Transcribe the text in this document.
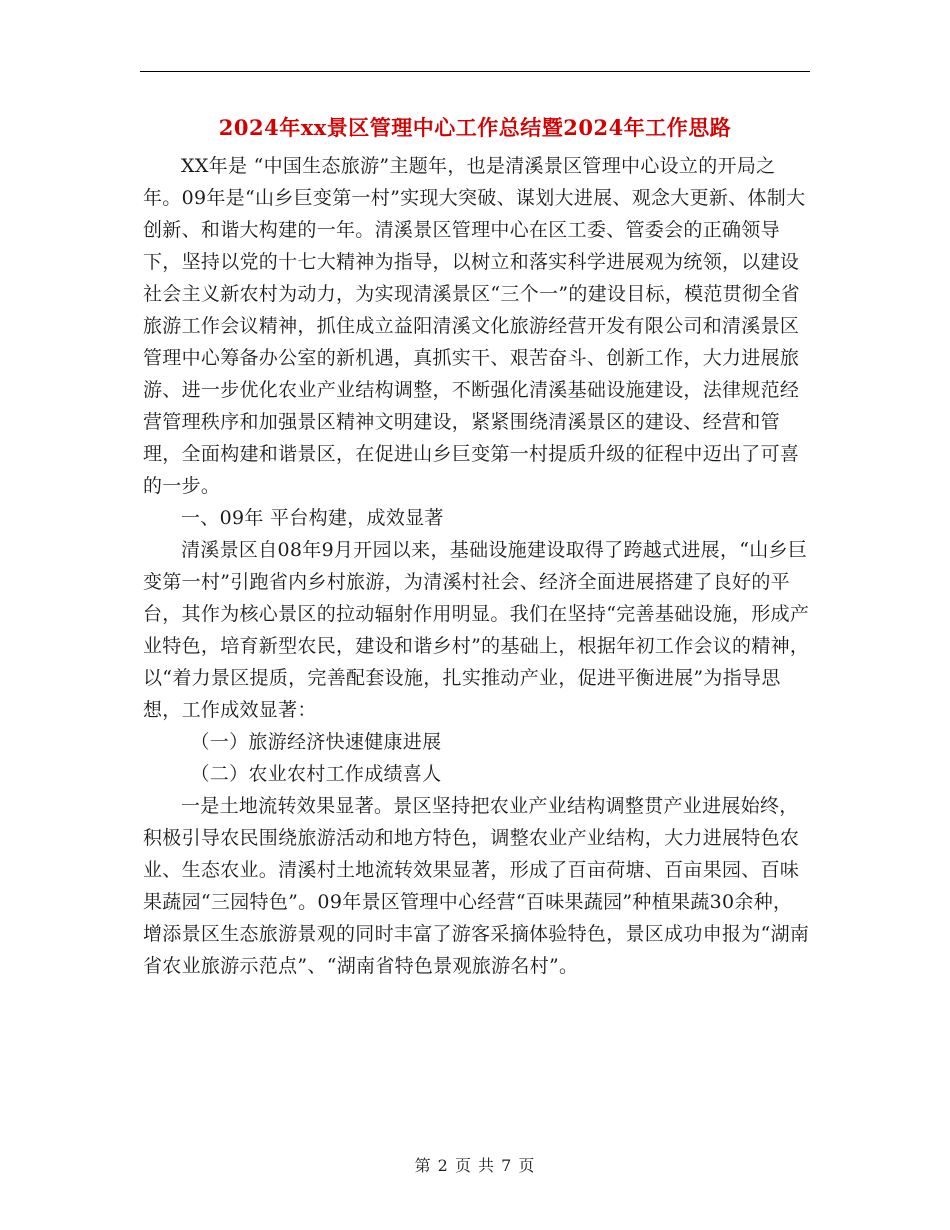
2024年xx景区管理中心工作总结暨2024年工作思路

XX年是 “中国生态旅游”主题年，也是清溪景区管理中心设立的开局之年。09年是“山乡巨变第一村”实现大突破、谋划大进展、观念大更新、体制大创新、和谐大构建的一年。清溪景区管理中心在区工委、管委会的正确领导下，坚持以党的十七大精神为指导，以树立和落实科学进展观为统领，以建设社会主义新农村为动力，为实现清溪景区“三个一”的建设目标，模范贯彻全省旅游工作会议精神，抓住成立益阳清溪文化旅游经营开发有限公司和清溪景区管理中心筹备办公室的新机遇，真抓实干、艰苦奋斗、创新工作，大力进展旅游、进一步优化农业产业结构调整，不断强化清溪基础设施建设，法律规范经营管理秩序和加强景区精神文明建设，紧紧围绕清溪景区的建设、经营和管理，全面构建和谐景区，在促进山乡巨变第一村提质升级的征程中迈出了可喜的一步。

一、09年 平台构建，成效显著

清溪景区自08年9月开园以来，基础设施建设取得了跨越式进展，“山乡巨变第一村”引跑省内乡村旅游，为清溪村社会、经济全面进展搭建了良好的平台，其作为核心景区的拉动辐射作用明显。我们在坚持“完善基础设施，形成产业特色，培育新型农民，建设和谐乡村”的基础上，根据年初工作会议的精神，以“着力景区提质，完善配套设施，扎实推动产业，促进平衡进展”为指导思想，工作成效显著：

（一）旅游经济快速健康进展

（二）农业农村工作成绩喜人

一是土地流转效果显著。景区坚持把农业产业结构调整贯产业进展始终，积极引导农民围绕旅游活动和地方特色，调整农业产业结构，大力进展特色农业、生态农业。清溪村土地流转效果显著，形成了百亩荷塘、百亩果园、百味果蔬园“三园特色”。09年景区管理中心经营“百味果蔬园”种植果蔬30余种，增添景区生态旅游景观的同时丰富了游客采摘体验特色，景区成功申报为“湖南省农业旅游示范点”、“湖南省特色景观旅游名村”。

第 2 页 共 7 页
